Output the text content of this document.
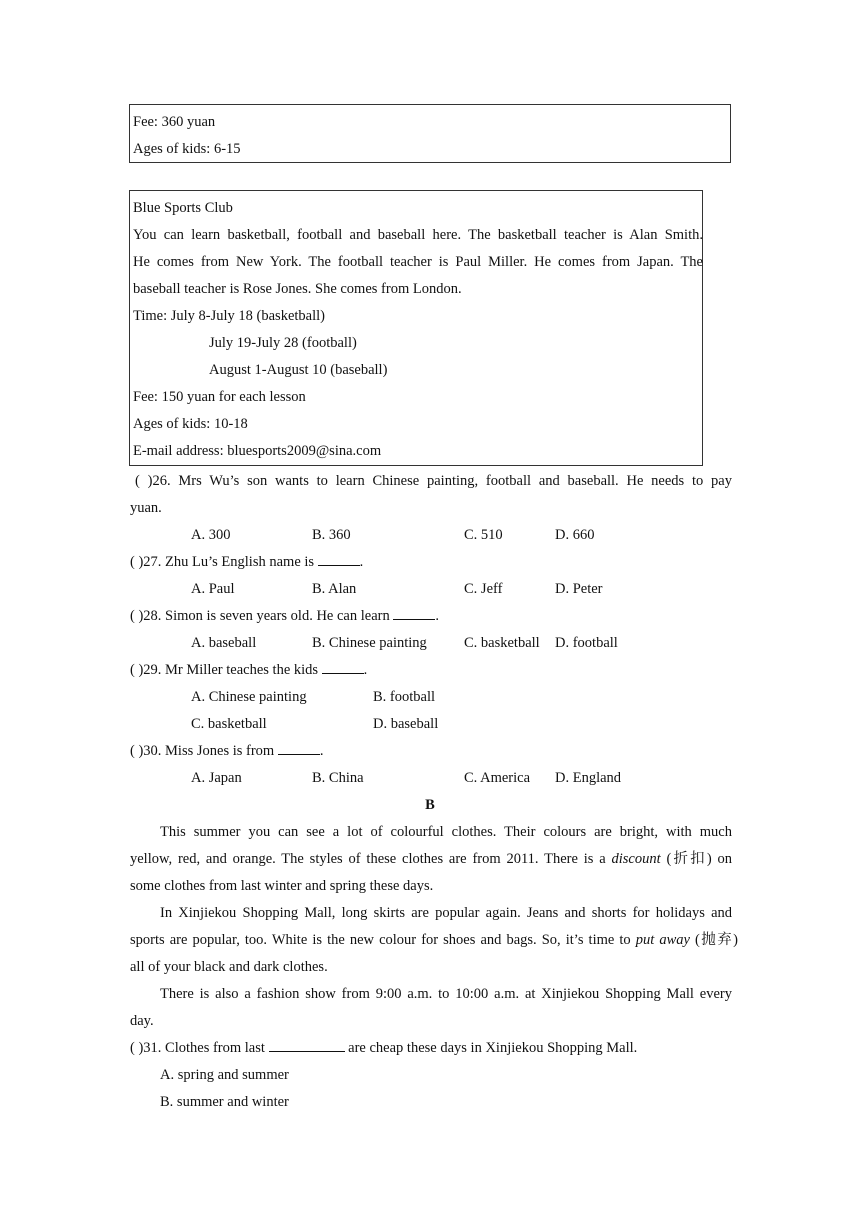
Fee: 360 yuan
Ages of kids: 6-15
Blue Sports Club
You can learn basketball, football and baseball here. The basketball teacher is Alan Smith.
He comes from New York. The football teacher is Paul Miller. He comes from Japan. The
baseball teacher is Rose Jones. She comes from London.
Time: July 8-July 18 (basketball)
July 19-July 28 (football)
August 1-August 10 (baseball)
Fee: 150 yuan for each lesson
Ages of kids: 10-18
E-mail address: bluesports2009@sina.com
( )26. Mrs Wu’s son wants to learn Chinese painting, football and baseball. He needs to pay
yuan.
A. 300	B. 360	C. 510	D. 660
( )27. Zhu Lu’s English name is	.
A. Paul	B. Alan	C. Jeff	D. Peter
( )28. Simon is seven years old. He can learn	.
A. baseball	B. Chinese painting	C. basketball D. football
( )29. Mr Miller teaches the kids	.
A. Chinese painting	B. football
C. basketball	D. baseball
( )30. Miss Jones is from	.
A. Japan	B. China	C. America D. England
B
This summer you can see a lot of colourful clothes. Their colours are bright, with much
yellow, red, and orange. The styles of these clothes are from 2011. There is a discount (折扣) on
some clothes from last winter and spring these days.
In Xinjiekou Shopping Mall, long skirts are popular again. Jeans and shorts for holidays and
sports are popular, too. White is the new colour for shoes and bags. So, it’s time to put away (抛弃)
all of your black and dark clothes.
There is also a fashion show from 9:00 a.m. to 10:00 a.m. at Xinjiekou Shopping Mall every
day.
( )31. Clothes from last	are cheap these days in Xinjiekou Shopping Mall.
A. spring and summer
B. summer and winter
